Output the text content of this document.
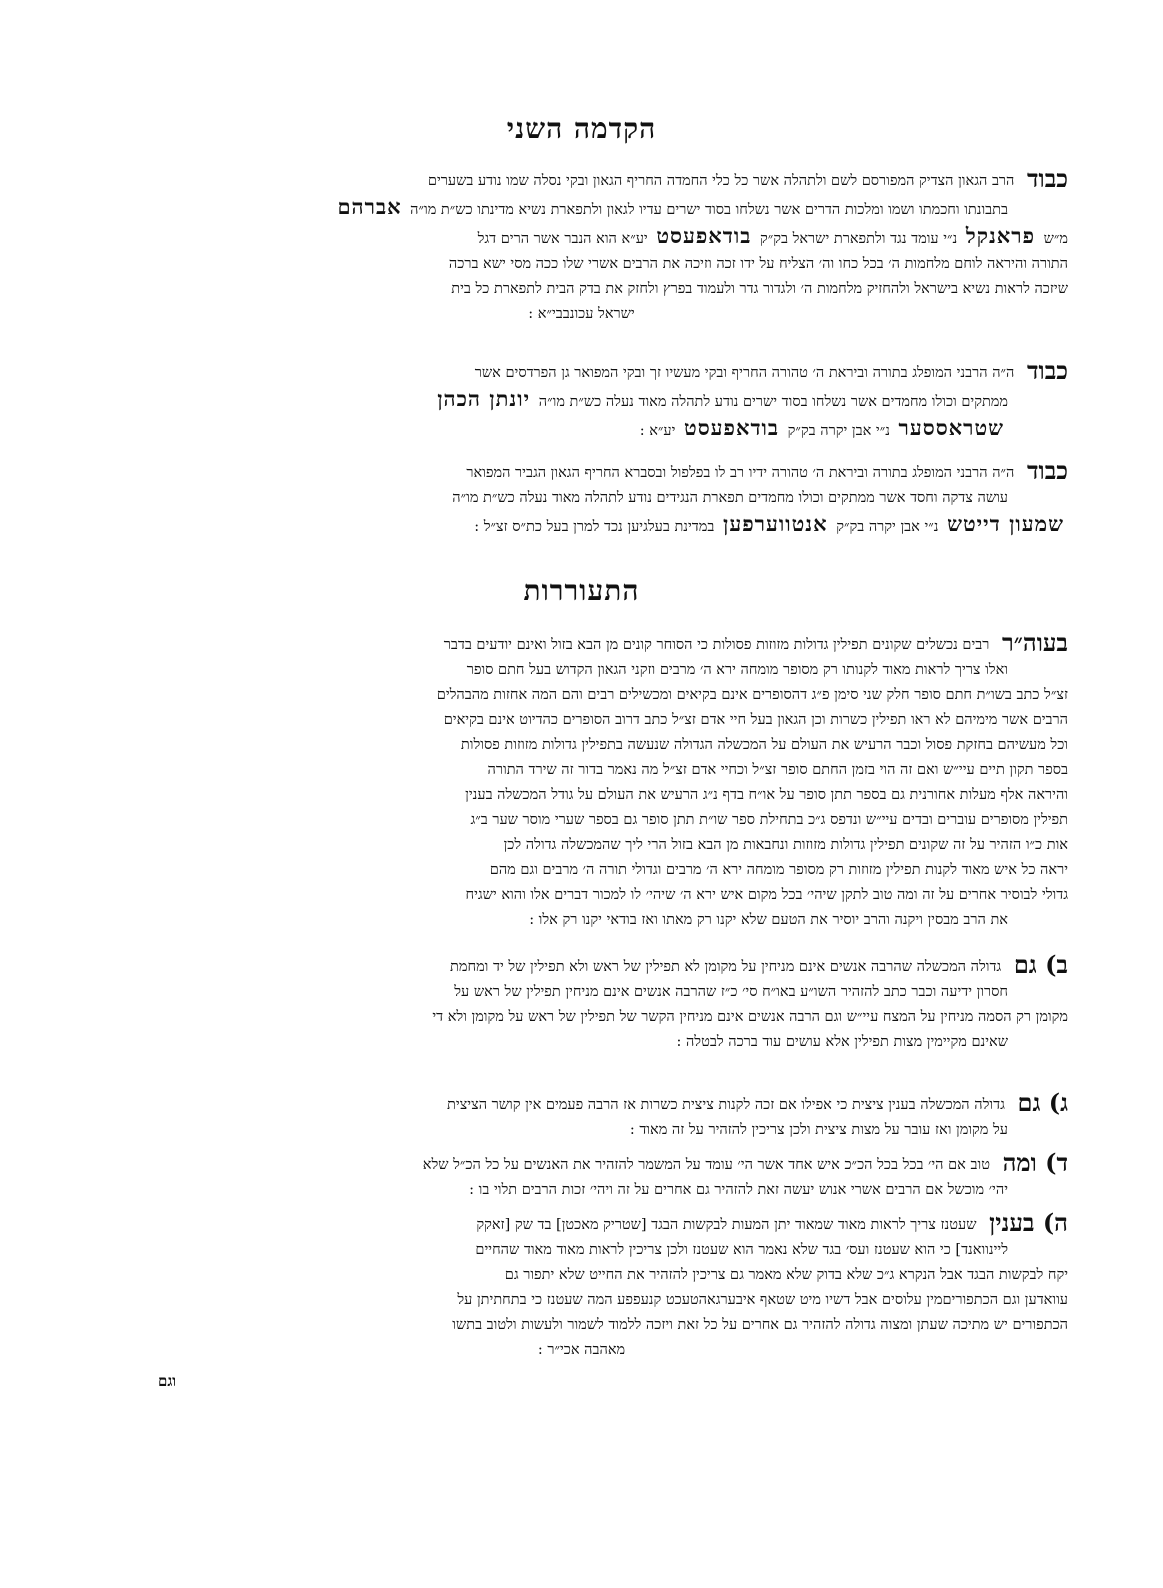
הקדמה השני
כבוד הרב הגאון הצדיק המפורסם לשם ולתהלה אשר כל כלי החמדה החריף הגאון ובקי נסלה שמו נודע בשערים
בתבונתו וחכמתו ושמו ומלכות הדרים אשר נשלחו בסוד ישרים עדיו לגאון ולתפארת נשיא מדינתו כש״ת מו״ה אברהם
מ״ש פראנקל נ״י עומד נגד ולתפארת ישראל בק״ק בודאפעסט יע״א הוא הנבר אשר הרים דגל
התורה והיראה לוחם מלחמות ה׳ בכל כחו וה׳ הצליח על ידו זכה וזיכה את הרבים אשרי שלו ככה מסי ישא ברכה
שיזכה לראות נשיא בישראל ולהחזיק מלחמות ה׳ ולגדור גדר ולעמוד בפרץ ולחזק את בדק הבית לתפארת כל בית
ישראל עכונבבי״א :
כבוד ה״ה הרבני המופלג בתורה וביראת ה׳ טהורה החריף ובקי מעשיו זך ובקי המפואר גן הפרדסים אשר
ממתקים וכולו מחמדים אשר נשלחו בסוד ישרים נודע לתהלה מאוד נעלה כש״ת מו״ה יונתן הכהן
שטראססער נ״י אבן יקרה בק״ק בודאפעסט יע״א :
כבוד ה״ה הרבני המופלג בתורה וביראת ה׳ טהורה ידיו רב לו בפלפול ובסברא החריף הגאון הגביר המפואר
עושה צדקה וחסד אשר ממתקים וכולו מחמדים תפארת הנגידים נודע לתהלה מאוד נעלה כש״ת מו״ה
שמעון דייטש נ״י אבן יקרה בק״ק אנטווערפען במדינת בעלגיען נכד למרן בעל כת״ס זצ״ל :
התעוררות
בעוה״ר רבים נכשלים שקונים תפילין גדולות מזוזות פסולות כי הסוחר קונים מן הבא בזול ואינם יודעים בדבר
ואלו צריך לראות מאוד לקנותו רק מסופר מומחה ירא ה׳ מרבים וזקני הגאון הקדוש בעל חתם סופר
זצ״ל כתב בשו״ת חתם סופר חלק שני סימן פ״ג דהסופרים אינם בקיאים ומכשילים רבים והם המה אחזות מהבהלים
הרבים אשר מימיהם לא ראו תפילין כשרות וכן הגאון בעל חיי אדם זצ״ל כתב דרוב הסופרים כהדיוט אינם בקיאים
וכל מעשיהם בחזקת פסול וכבר הרעיש את העולם על המכשלה הגדולה שנעשה בתפילין גדולות מזוזות פסולות
בספר תקון תיים עיי״ש ואם זה הוי בזמן החתם סופר זצ״ל וכחיי אדם זצ״ל מה נאמר בדור זה שירד התורה
והיראה אלף מעלות אחורנית גם בספר תתן סופר על או״ח בדף נ״ג הרעיש את העולם על גודל המכשלה בענין
תפילין מסופרים עוברים ובדים עיי״ש ונדפס ג״כ בתחילת ספר שו״ת תתן סופר גם בספר שערי מוסר שער ב״ג
אות כ״ו הזהיר על זה שקונים תפילין גדולות מזוזות ונחבאות מן הבא בזול הרי ליך שהמכשלה גדולה לכן
יראה כל איש מאוד לקנות תפילין מזוזות רק מסופר מומחה ירא ה׳ מרבים וגדולי תורה ה׳ מרבים וגם מהם
גדולי לבוסיר אחרים על זה ומה טוב לתקן שיהי׳ בכל מקום איש ירא ה׳ שיהי׳ לו למכור דברים אלו והוא ישגיח
את הרב מבסין ויקנה והרב יוסיר את הטעם שלא יקנו רק מאתו ואז בודאי יקנו רק אלו :
ב) גם גדולה המכשלה שהרבה אנשים אינם מניחין על מקומן לא תפילין של ראש ולא תפילין של יד ומחמת
חסרון ידיעה וכבר כתב להזהיר השו״ע באו״ח סי׳ כ״ז שהרבה אנשים אינם מניחין תפילין של ראש על
מקומן רק הסמה מניחין על המצח עיי״ש וגם הרבה אנשים אינם מניחין הקשר של תפילין של ראש על מקומן ולא די
שאינם מקיימין מצות תפילין אלא עושים עוד ברכה לבטלה :
ג) גם גדולה המכשלה בענין ציצית כי אפילו אם זכה לקנות ציצית כשרות אז הרבה פעמים אין קושר הציצית
על מקומן ואז עובר על מצות ציצית ולכן צריכין להזהיר על זה מאוד :
ד) ומה טוב אם הי׳ בכל בכל הכ״כ איש אחד אשר הי׳ עומד על המשמר להזהיר את האנשים על כל הכ״ל שלא
יהי׳ מוכשל אם הרבים אשרי אנוש יעשה זאת להזהיר גם אחרים על זה ויהי׳ זכות הרבים תלוי בו :
ה) בענין שעטנז צריך לראות מאוד שמאוד יתן המעות לבקשות הבגד [שטריק מאכטן] בד שק [זאקק
ליינוואנד] כי הוא שעטנז ועס׳ בגד שלא נאמר הוא שעטנז ולכן צריכין לראות מאוד מאוד שהחיים
יקח לבקשות הבגד אבל הנקרא ג״כ שלא בדוק שלא מאמר גם צריכין להזהיר את החייט שלא יתפור גם
עוואדען וגם הכתפוריםמין עלוסים אבל דשיו מיט שטאף איבערגאהטעכט קנעפפע המה שעטנז כי בתחתיתן על
הכתפורים יש מתיכה שעתן ומצוה גדולה להזהיר גם אחרים על כל זאת ויזכה ללמוד לשמור ולעשות ולטוב בתשו
מאהבה אכי״ר :
וגם
